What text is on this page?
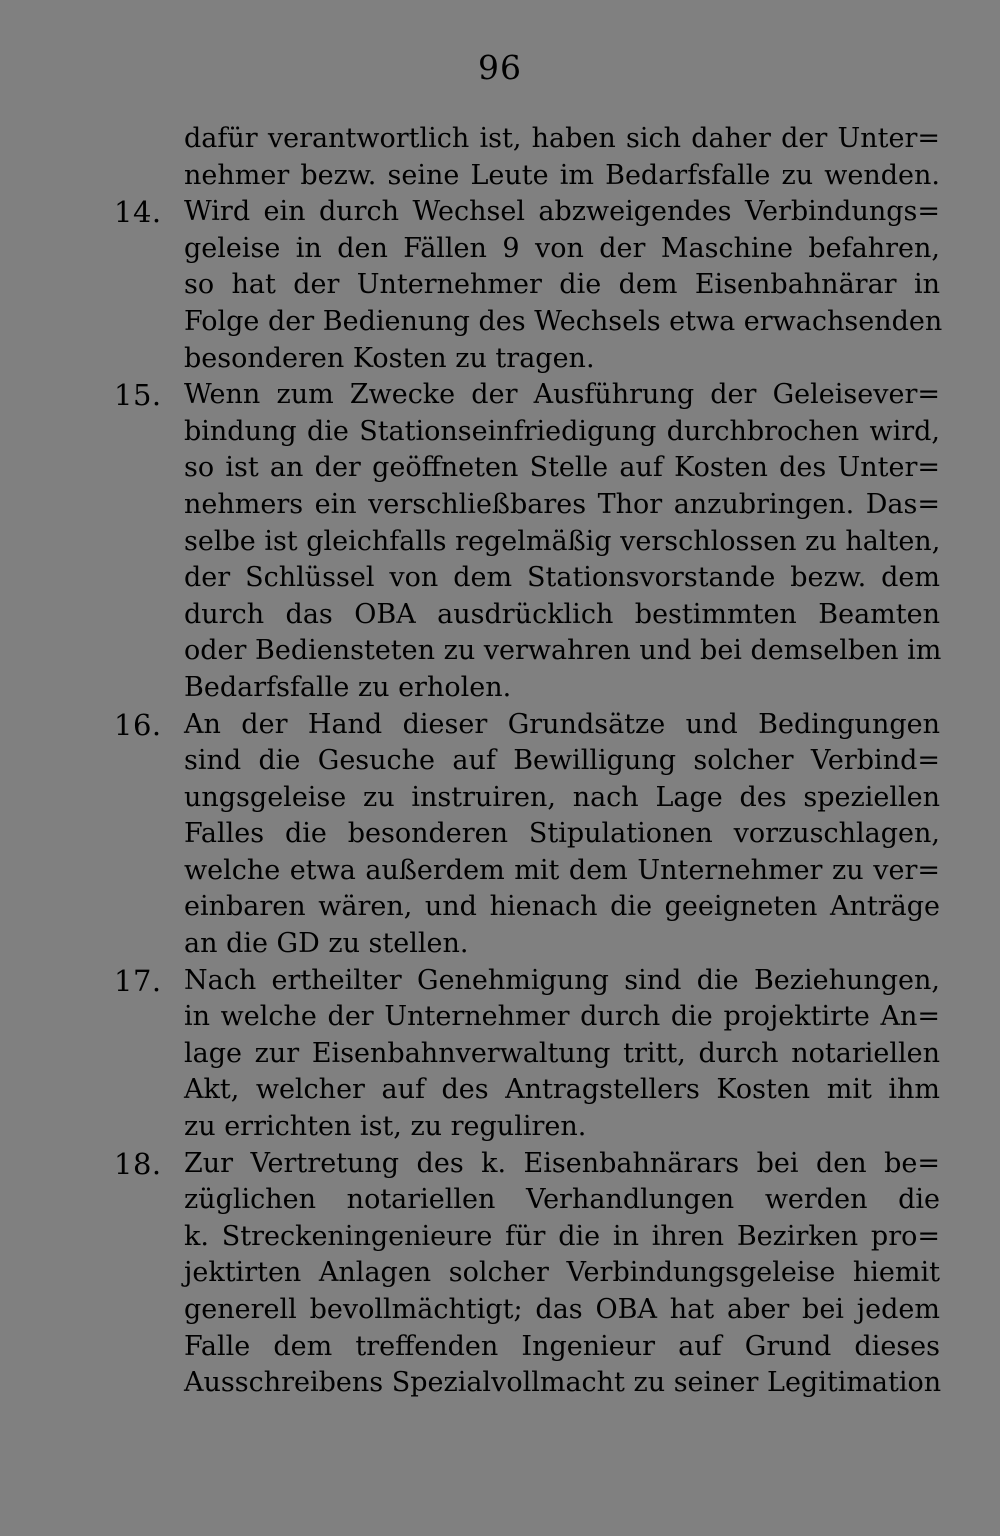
96
dafür verantwortlich ist, haben sich daher der Unter=
nehmer bezw. seine Leute im Bedarfsfalle zu wenden.
14. Wird ein durch Wechsel abzweigendes Verbindungs=
geleise in den Fällen 9 von der Maschine befahren,
so hat der Unternehmer die dem Eisenbahnärar in
Folge der Bedienung des Wechsels etwa erwachsenden
besonderen Kosten zu tragen.
15. Wenn zum Zwecke der Ausführung der Geleisever=
bindung die Stationseinfriedigung durchbrochen wird,
so ist an der geöffneten Stelle auf Kosten des Unter=
nehmers ein verschließbares Thor anzubringen. Das=
selbe ist gleichfalls regelmäßig verschlossen zu halten,
der Schlüssel von dem Stationsvorstande bezw. dem
durch das OBA ausdrücklich bestimmten Beamten
oder Bediensteten zu verwahren und bei demselben im
Bedarfsfalle zu erholen.
16. An der Hand dieser Grundsätze und Bedingungen
sind die Gesuche auf Bewilligung solcher Verbind=
ungsgeleise zu instruiren, nach Lage des speziellen
Falles die besonderen Stipulationen vorzuschlagen,
welche etwa außerdem mit dem Unternehmer zu ver=
einbaren wären, und hienach die geeigneten Anträge
an die GD zu stellen.
17. Nach ertheilter Genehmigung sind die Beziehungen,
in welche der Unternehmer durch die projektirte An=
lage zur Eisenbahnverwaltung tritt, durch notariellen
Akt, welcher auf des Antragstellers Kosten mit ihm
zu errichten ist, zu reguliren.
18. Zur Vertretung des k. Eisenbahnärars bei den be=
züglichen notariellen Verhandlungen werden die
k. Streckeningenieure für die in ihren Bezirken pro=
jektirten Anlagen solcher Verbindungsgeleise hiemit
generell bevollmächtigt; das OBA hat aber bei jedem
Falle dem treffenden Ingenieur auf Grund dieses
Ausschreibens Spezialvollmacht zu seiner Legitimation
